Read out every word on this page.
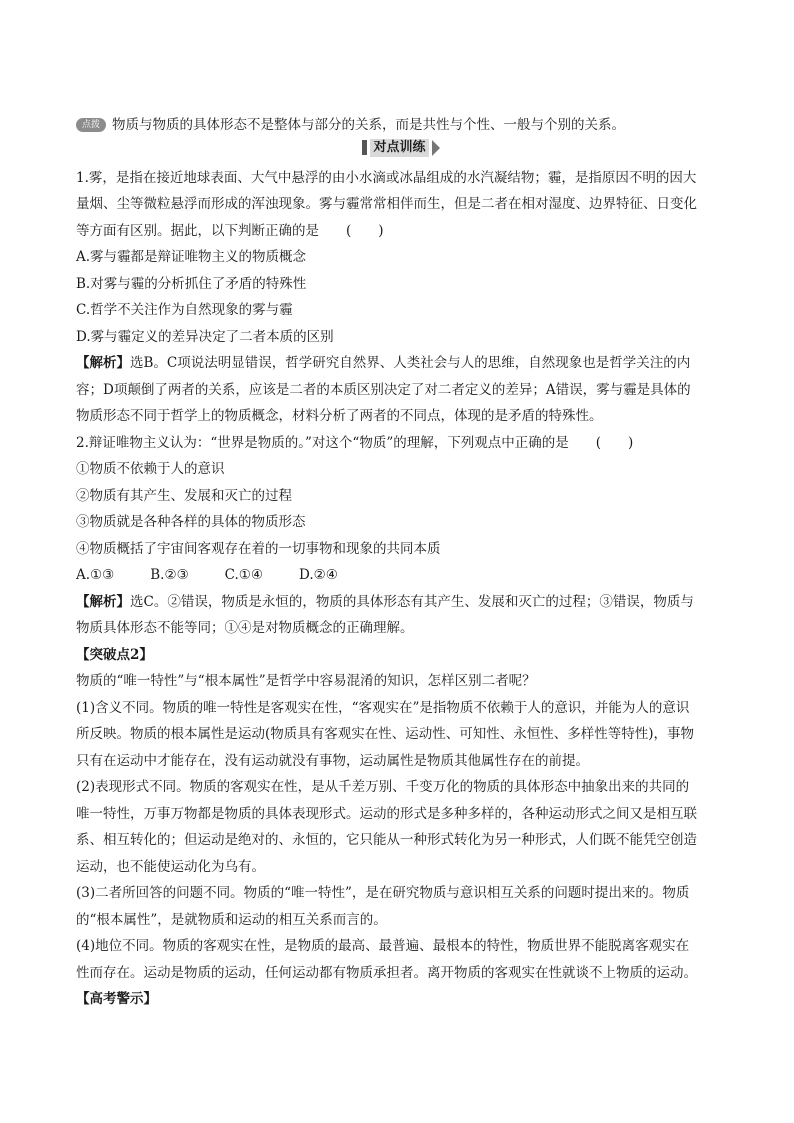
点拨 物质与物质的具体形态不是整体与部分的关系，而是共性与个性、一般与个别的关系。
对点训练
1.雾，是指在接近地球表面、大气中悬浮的由小水滴或冰晶组成的水汽凝结物；霾，是指原因不明的因大
量烟、尘等微粒悬浮而形成的浑浊现象。雾与霾常常相伴而生，但是二者在相对湿度、边界特征、日变化
等方面有区别。据此，以下判断正确的是　　(　　)
A.雾与霾都是辩证唯物主义的物质概念
B.对雾与霾的分析抓住了矛盾的特殊性
C.哲学不关注作为自然现象的雾与霾
D.雾与霾定义的差异决定了二者本质的区别
【解析】选B。C项说法明显错误，哲学研究自然界、人类社会与人的思维，自然现象也是哲学关注的内
容；D项颠倒了两者的关系，应该是二者的本质区别决定了对二者定义的差异；A错误，雾与霾是具体的
物质形态不同于哲学上的物质概念，材料分析了两者的不同点，体现的是矛盾的特殊性。
2.辩证唯物主义认为：“世界是物质的。”对这个“物质”的理解，下列观点中正确的是　　(　　)
①物质不依赖于人的意识
②物质有其产生、发展和灭亡的过程
③物质就是各种各样的具体的物质形态
④物质概括了宇宙间客观存在着的一切事物和现象的共同本质
A.①③	B.②③	C.①④	D.②④
【解析】选C。②错误，物质是永恒的，物质的具体形态有其产生、发展和灭亡的过程；③错误，物质与
物质具体形态不能等同；①④是对物质概念的正确理解。
【突破点2】
物质的“唯一特性”与“根本属性”是哲学中容易混淆的知识，怎样区别二者呢？
(1)含义不同。物质的唯一特性是客观实在性，“客观实在”是指物质不依赖于人的意识，并能为人的意识
所反映。物质的根本属性是运动(物质具有客观实在性、运动性、可知性、永恒性、多样性等特性)，事物
只有在运动中才能存在，没有运动就没有事物，运动属性是物质其他属性存在的前提。
(2)表现形式不同。物质的客观实在性，是从千差万别、千变万化的物质的具体形态中抽象出来的共同的
唯一特性，万事万物都是物质的具体表现形式。运动的形式是多种多样的，各种运动形式之间又是相互联
系、相互转化的；但运动是绝对的、永恒的，它只能从一种形式转化为另一种形式，人们既不能凭空创造
运动，也不能使运动化为乌有。
(3)二者所回答的问题不同。物质的“唯一特性”，是在研究物质与意识相互关系的问题时提出来的。物质
的“根本属性”，是就物质和运动的相互关系而言的。
(4)地位不同。物质的客观实在性，是物质的最高、最普遍、最根本的特性，物质世界不能脱离客观实在
性而存在。运动是物质的运动，任何运动都有物质承担者。离开物质的客观实在性就谈不上物质的运动。
【高考警示】
